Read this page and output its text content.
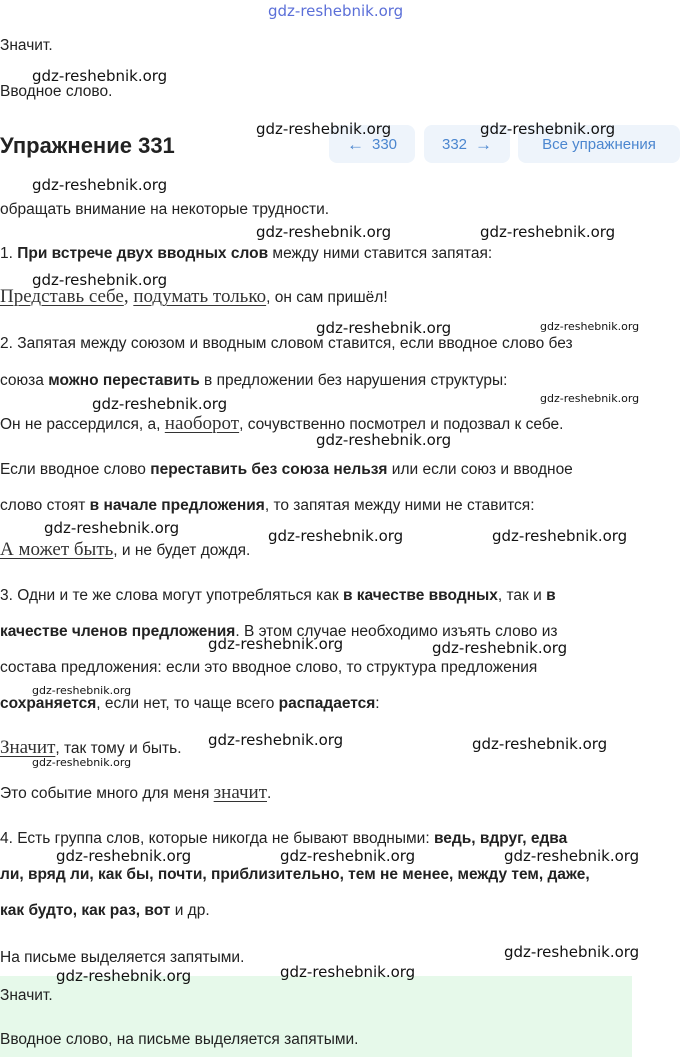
gdz-reshebnik.org
Значит.
Вводное слово.
Упражнение 331	← 330	332 →	Все упражнения
обращать внимание на некоторые трудности.
1. При встрече двух вводных слов между ними ставится запятая:
Представь себе, подумать только, он сам пришёл!
2. Запятая между союзом и вводным словом ставится, если вводное слово без
союза можно переставить в предложении без нарушения структуры:
Он не рассердился, а, наоборот, сочувственно посмотрел и подозвал к себе.
Если вводное слово переставить без союза нельзя или если союз и вводное
слово стоят в начале предложения, то запятая между ними не ставится:
А может быть, и не будет дождя.
3. Одни и те же слова могут употребляться как в качестве вводных, так и в
качестве членов предложения. В этом случае необходимо изъять слово из
состава предложения: если это вводное слово, то структура предложения
сохраняется, если нет, то чаще всего распадается:
Значит, так тому и быть.
Это событие много для меня значит.
4. Есть группа слов, которые никогда не бывают вводными: ведь, вдруг, едва
ли, вряд ли, как бы, почти, приблизительно, тем не менее, между тем, даже,
как будто, как раз, вот и др.
На письме выделяется запятыми.
Значит.
Вводное слово, на письме выделяется запятыми.
gdz-reshebnik.org
gdz-reshebnik.org	gdz-reshebnik.org
gdz-reshebnik.org
gdz-reshebnik.org	gdz-reshebnik.org
gdz-reshebnik.org
gdz-reshebnik.org	gdz-reshebnik.org
gdz-reshebnik.org	gdz-reshebnik.org
gdz-reshebnik.org
gdz-reshebnik.org	gdz-reshebnik.org	gdz-reshebnik.org
gdz-reshebnik.org	gdz-reshebnik.org
gdz-reshebnik.org
gdz-reshebnik.org	gdz-reshebnik.org
gdz-reshebnik.org
gdz-reshebnik.org	gdz-reshebnik.org	gdz-reshebnik.org
gdz-reshebnik.org
gdz-reshebnik.org	gdz-reshebnik.org
